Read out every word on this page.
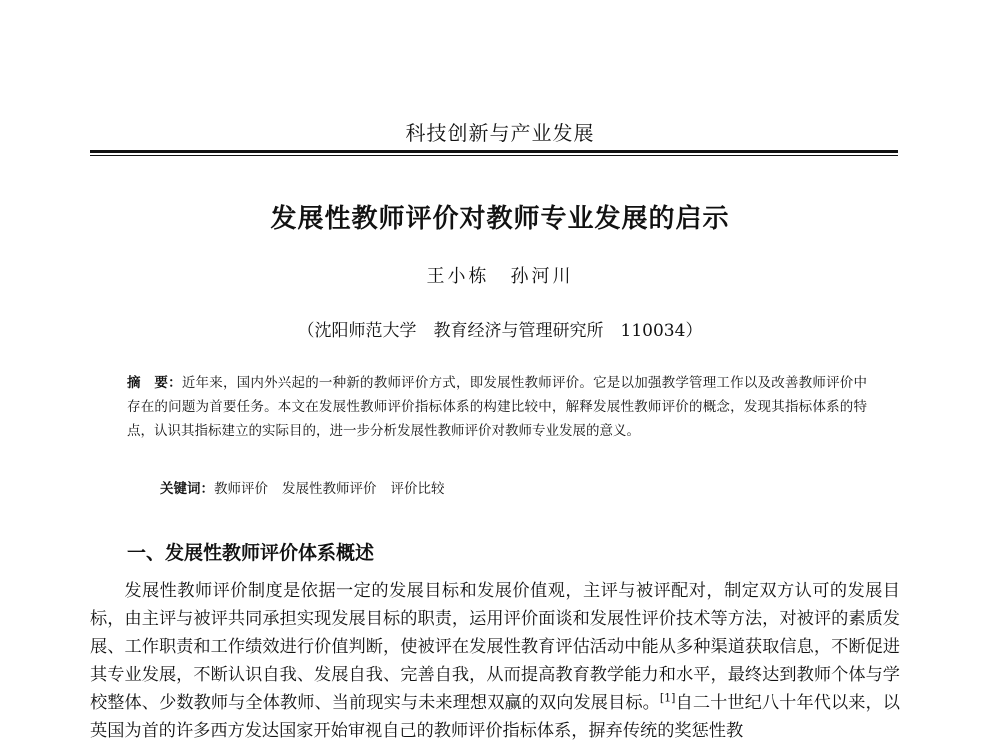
科技创新与产业发展
发展性教师评价对教师专业发展的启示
王小栋　孙河川
（沈阳师范大学　教育经济与管理研究所　110034）
摘　要：近年来，国内外兴起的一种新的教师评价方式，即发展性教师评价。它是以加强教学管理工作以及改善教师评价中存在的问题为首要任务。本文在发展性教师评价指标体系的构建比较中，解释发展性教师评价的概念，发现其指标体系的特点，认识其指标建立的实际目的，进一步分析发展性教师评价对教师专业发展的意义。
关键词：教师评价 发展性教师评价 评价比较
一、发展性教师评价体系概述
发展性教师评价制度是依据一定的发展目标和发展价值观，主评与被评配对，制定双方认可的发展目标，由主评与被评共同承担实现发展目标的职责，运用评价面谈和发展性评价技术等方法，对被评的素质发展、工作职责和工作绩效进行价值判断，使被评在发展性教育评估活动中能从多种渠道获取信息，不断促进其专业发展，不断认识自我、发展自我、完善自我，从而提高教育教学能力和水平，最终达到教师个体与学校整体、少数教师与全体教师、当前现实与未来理想双赢的双向发展目标。[1]自二十世纪八十年代以来，以英国为首的许多西方发达国家开始审视自己的教师评价指标体系，摒弃传统的奖惩性教
